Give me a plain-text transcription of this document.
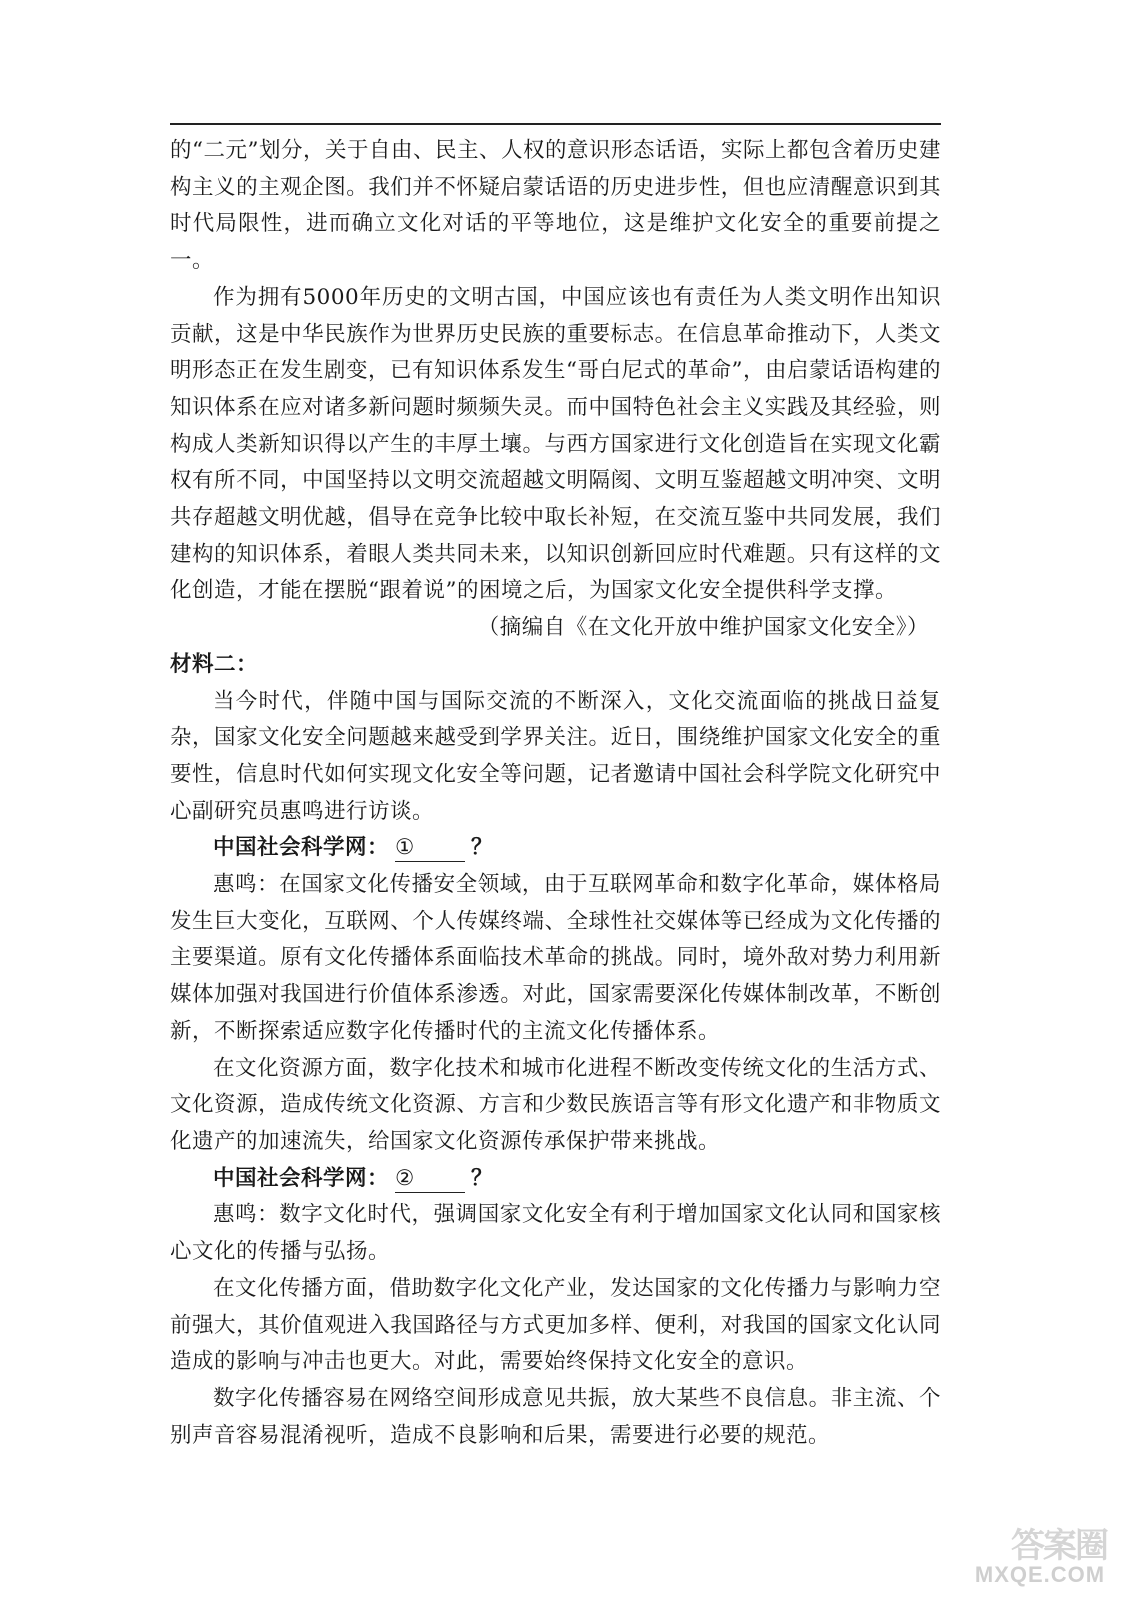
的“二元”划分，关于自由、民主、人权的意识形态话语，实际上都包含着历史建构主义的主观企图。我们并不怀疑启蒙话语的历史进步性，但也应清醒意识到其时代局限性，进而确立文化对话的平等地位，这是维护文化安全的重要前提之一。

作为拥有5000年历史的文明古国，中国应该也有责任为人类文明作出知识贡献，这是中华民族作为世界历史民族的重要标志。在信息革命推动下，人类文明形态正在发生剧变，已有知识体系发生“哥白尼式的革命”，由启蒙话语构建的知识体系在应对诸多新问题时频频失灵。而中国特色社会主义实践及其经验，则构成人类新知识得以产生的丰厚土壤。与西方国家进行文化创造旨在实现文化霸权有所不同，中国坚持以文明交流超越文明隔阂、文明互鉴超越文明冲突、文明共存超越文明优越，倡导在竞争比较中取长补短，在交流互鉴中共同发展，我们建构的知识体系，着眼人类共同未来，以知识创新回应时代难题。只有这样的文化创造，才能在摆脱“跟着说”的困境之后，为国家文化安全提供科学支撑。

（摘编自《在文化开放中维护国家文化安全》）

材料二：

当今时代，伴随中国与国际交流的不断深入，文化交流面临的挑战日益复杂，国家文化安全问题越来越受到学界关注。近日，围绕维护国家文化安全的重要性，信息时代如何实现文化安全等问题，记者邀请中国社会科学院文化研究中心副研究员惠鸣进行访谈。

中国社会科学网： ①	？

惠鸣：在国家文化传播安全领域，由于互联网革命和数字化革命，媒体格局发生巨大变化，互联网、个人传媒终端、全球性社交媒体等已经成为文化传播的主要渠道。原有文化传播体系面临技术革命的挑战。同时，境外敌对势力利用新媒体加强对我国进行价值体系渗透。对此，国家需要深化传媒体制改革，不断创新，不断探索适应数字化传播时代的主流文化传播体系。

在文化资源方面，数字化技术和城市化进程不断改变传统文化的生活方式、文化资源，造成传统文化资源、方言和少数民族语言等有形文化遗产和非物质文化遗产的加速流失，给国家文化资源传承保护带来挑战。

中国社会科学网： ②	？

惠鸣：数字文化时代，强调国家文化安全有利于增加国家文化认同和国家核心文化的传播与弘扬。

在文化传播方面，借助数字化文化产业，发达国家的文化传播力与影响力空前强大，其价值观进入我国路径与方式更加多样、便利，对我国的国家文化认同造成的影响与冲击也更大。对此，需要始终保持文化安全的意识。

数字化传播容易在网络空间形成意见共振，放大某些不良信息。非主流、个别声音容易混淆视听，造成不良影响和后果，需要进行必要的规范。

答案圈
MXQE.COM
